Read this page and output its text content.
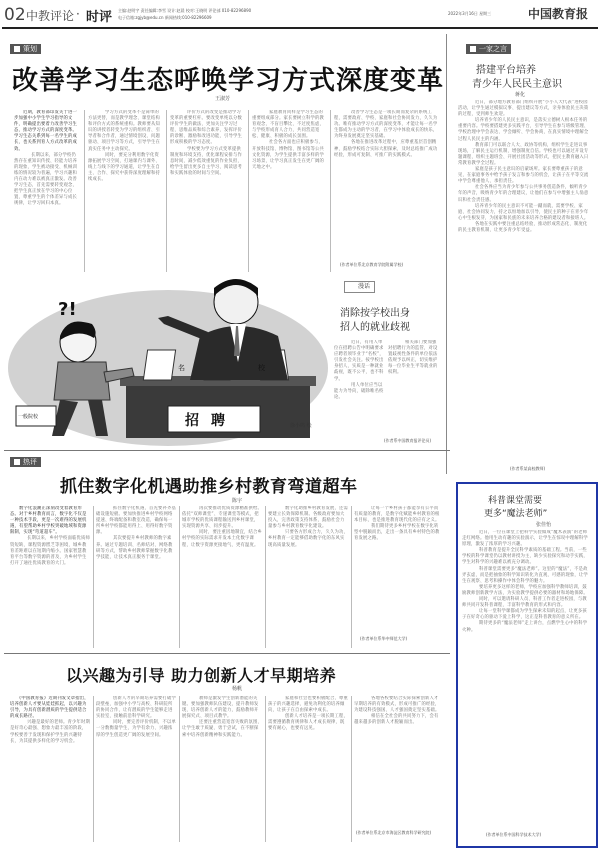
02 中教评论 · 时评 主编:赵明宇 责任编辑:李雪 设计:赵晨 校对:王晓明 评论部 010-82296890
电子信箱:zgjyb@edu.cn 新闻热线:010-82296609
2022年3月16日 星期三	中国教育报
策划
改善学习生态呼唤学习方式深度变革
王淑芳

　　近期，教育部印发关于进一步加强中小学生学习指导的文件，明确提出要着力改善学习生态，推动学习方式的深度变革。学习生态关系到每一名学生的成长，也关系到育人方式改革的成效。

　　长期以来，部分学校仍然存在重知识传授、轻能力培养的现象，学生被动接受、机械训练的情况较为普遍，学习兴趣和内在动力难以被真正激发。改善学习生态，首先需要转变观念，把学生真正放在学习的中心位置，尊重学生的个体差异与成长规律，让学习回归本真。

　　学习方式的变革不是简单的方法更替，而是教学理念、课堂结构和评价方式的系统重构。教师要从知识的讲授者转变为学习的组织者、引导者和合作者，通过情境创设、问题驱动、项目学习等方式，引导学生在真实任务中主动探究。

　　同时，要充分利用数字化资源拓展学习空间，打通课内与课外、线上与线下的学习通道，让学生在自主、合作、探究中获得深度理解和持续成长。

　　评价方式的改变是推动学习变革的重要杠杆。要改变单纯以分数评价学生的做法，更加关注学习过程、思维品质和综合素养，发挥评价的诊断、激励和改进功能，引导学生形成积极的学习态度。

　　学校要为学习方式变革提供制度和环境支持，优化课程安排与作息时间，减少低效重复的作业负担，给学生留出更多自主学习、阅读思考和实践体验的时间与空间。

　　家庭教育同样是学习生态的重要组成部分。家长要树立科学的教育观念，不盲目攀比、不过度焦虑，与学校形成育人合力，共同营造宽松、健康、积极的成长氛围。

　　社会各方面也应积极参与，开放科技馆、博物馆、图书馆等公共文化资源，为学生提供丰富多样的学习场景，让学习真正发生在更广阔的天地之中。

　　改善学习生态是一项长期而复杂的系统工程，需要政府、学校、家庭和社会协同发力，久久为功。唯有推动学习方式的深度变革，才能让每一名学生都成为主动的学习者，在学习中体验成长的快乐，为终身发展奠定坚实基础。

　　各地在推进改革过程中，应尊重基层首创精神，鼓励学校结合实际大胆探索，及时总结推广成功经验，形成可复制、可推广的实践模式。

(作者单位系北京教育学院附属学校)
?!
招聘
名	校
一般院校
徐小鸣 绘
漫话
消除按学校出身
招人的就业歧视

　　近日，有用人单位在招聘公告中明确要求应聘者须毕业于“名校”，引发社会关注。按学校出身招人，实质是一种就业歧视，既不公平，也不科学。

　　用人单位应当以能力为导向，破除唯名校论。

　　相关部门要加强对招聘行为的监管，对设置歧视性条件的单位依法依规予以纠正，切实维护每一位毕业生平等就业的权利。

(作者系中国教育报评论员)
一家之言
搭建平台培养
青少年人民民主意识
蒋化

　　近日，部分地方教育部门组织开展“小小人大代表”进校园活动，让学生通过模拟议事、提出建议等方式，亲身体验民主决策的过程，受到师生欢迎。

　　培养青少年的人民民主意识，是落实立德树人根本任务的重要内容。学校要搭建更多实践平台，引导学生在参与班级管理、学校治理中学会表达、学会倾听、学会协商，在真实情境中理解全过程人民民主的内涵。

　　教育部门可以联合人大、政协等机构，组织学生走进议事现场，了解民主运行机制，增强制度自信。学校也可以通过开设专题课程、组织主题班会、开展社团活动等形式，把民主教育融入日常教育教学全过程。

　　家庭是孩子民主意识的启蒙场所。家长要尊重孩子的意见，在家庭事务中给予孩子发言和参与的机会，让孩子在平等交流中学会尊重他人、承担责任。

　　社会各界应当为青少年参与公共事务创造条件，倾听青少年的声音，吸纳青少年的合理建议，让他们在参与中增强主人翁意识和社会责任感。

　　培养青少年的民主意识不可能一蹴而就，需要学校、家庭、社会协同发力，持之以恒地加以引导，使民主的种子在青少年心中生根发芽，为国家和民族的未来培养合格的建设者和接班人。

　　各地在实践中要注重总结经验，推动形成常态化、制度化的民主教育机制，让更多青少年受益。

(作者系某高校教师)
热评
抓住数字化机遇助推乡村教育弯道超车
陈宇

　　数字化浪潮正深刻改变着教育形态。对于乡村教育而言，数字化不仅是一种技术手段，更是一次难得的发展机遇，有望帮助乡村学校突破地域和资源限制，实现“弯道超车”。

　　长期以来，乡村学校面临优质师资短缺、课程资源匮乏等困境，城乡教育差距难以在短期内缩小。国家智慧教育平台等数字资源的普及，为乡村学生打开了通往优质教育的大门。

　　抓住数字化机遇，首先要补齐基础设施短板。要加快推进乡村学校网络提速、终端配备和教室改造，确保每一所乡村学校都能用得上、用得好数字资源。

　　其次要提升乡村教师的数字素养。通过专题培训、名师结对、网络教研等方式，帮助乡村教师掌握数字化教学技能，让技术真正服务于课堂。

　　再次要推动优质资源精准供给。依托“双师课堂”、专递课堂等模式，把城市学校的优质课程输送到乡村课堂，实现资源共享、同步提升。

　　同时，要注重因地制宜，结合乡村学校的实际需求开发本土化数字课程，让数字资源更接地气、更有温度。

　　数字化助推乡村教育发展，还需要建立长效保障机制。各级政府要加大投入，完善政策支持体系，鼓励社会力量参与乡村教育数字化建设。

　　只要各方形成合力，久久为功，乡村教育一定能够借助数字化的东风实现高质量发展。

　　让每一个乡村孩子都能享有公平而有质量的教育，是数字化赋能乡村教育的根本目标，也是推进教育现代化的应有之义。

　　我们期待更多乡村学校在数字化转型中脱颖而出，走出一条具有乡村特色的教育发展之路。

(作者单位系华中师范大学)
以兴趣为引导 助力创新人才早期培养
杨帆

　　《中国教育报》近期刊发文章指出，培养创新人才要从娃娃抓起，以兴趣为引导，为具有创新潜质的学生提供适合的成长路径。

　　兴趣是最好的老师。青少年时期是好奇心最强、想象力最丰富的阶段，学校要善于发现和保护学生的兴趣特长，为其提供多样化的学习机会。

　　创新人才的早期培养需要打破学段壁垒，加强中小学与高校、科研院所的协同合作，让有潜质的学生能够走进实验室，接触前沿科学研究。

　　同时，要完善评价机制，不以单一分数衡量学生，为学有余力、兴趣浓厚的学生创造更广阔的发展空间。

　　教师是激发学生创新潜能的关键。要加强教师队伍建设，提升教师发现、培养创新人才的能力，鼓励教师开展探究式、项目式教学。

　　还要注重营造宽容失败的氛围，让学生敢于质疑、勇于尝试，在不断探索中培养创新精神和实践能力。

　　家庭和社会也要积极配合，尊重孩子的兴趣选择，避免功利化的培养倾向，让孩子在自由探索中成长。

　　创新人才培养是一项长期工程，需要遵循教育规律和人才成长规律，既要有耐心，也要有远见。

　　各地各校要结合实际探索创新人才早期培养的有效模式，形成可推广的经验，为建设科技强国、人才强国奠定坚实基础。

　　相信在全社会的共同努力下，会有越来越多的创新人才脱颖而出。

(作者单位系北京市海淀区教育科学研究院)
科普课堂需要
更多“魔法老师”
张佳怡

　　近日，一位在课堂上把科学实验做成“魔术表演”的老师走红网络。他用生动有趣的实验演示，让学生在惊叹中理解科学原理，激发了浓厚的学习兴趣。

　　科普教育是提升全民科学素质的基础工程。当前，一些学校的科学课堂仍以教材讲授为主，缺少实验探究和动手实践，学生对科学的兴趣难以被充分调动。

　　科普课堂需要更多“魔法老师”。这里的“魔法”，不是故弄玄虚，而是把抽象的科学知识转化为直观、可感的现象，让学生在观察、思考和操作中体会科学的魅力。

　　要培养更多这样的老师，学校应加强科学教师培训，鼓励教师创新教学方法，为实验教学提供必要的器材和场地保障。

　　同时，可以邀请科研人员、科普工作者走进校园，与教师共同开发科普课程，丰富科学教育的形式和内容。

　　让每一堂科学课都成为学生探索未知的起点，让更多孩子在好奇心的驱动下爱上科学，这正是科普教育的意义所在。

　　期待更多的“魔法老师”走上讲台，点燃学生心中的科学火种。

(作者单位系中国科学技术大学)
